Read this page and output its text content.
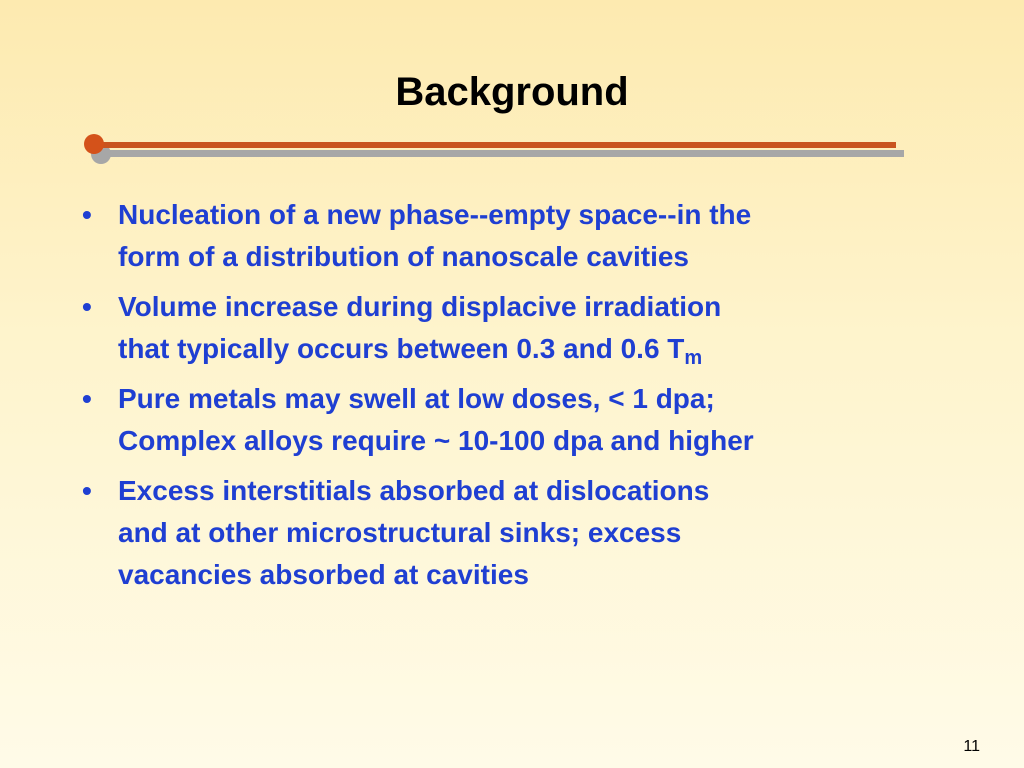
Background
• Nucleation of a new phase--empty space--in the
form of a distribution of nanoscale cavities
• Volume increase during displacive irradiation
that typically occurs between 0.3 and 0.6 $T_m$
• Pure metals may swell at low doses, < 1 dpa;
Complex alloys require ~ 10-100 dpa and higher
• Excess interstitials absorbed at dislocations
and at other microstructural sinks; excess
vacancies absorbed at cavities
11
